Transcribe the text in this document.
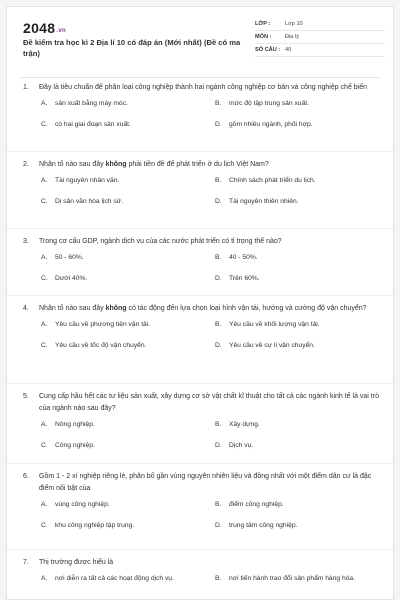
2048.vn
Đề kiểm tra học kì 2 Địa lí 10 có đáp án (Mới nhất) (Đề có ma trận)
LỚP :	Lớp 10
MÔN :	Địa lý
SỐ CÂU : 40
1. Đây là tiêu chuẩn để phân loại công nghiệp thành hai ngành công nghiệp cơ bản và công nghiệp chế biến
A. sản xuất bằng máy móc.	B. mức độ tập trung sản xuất.
C. có hai giai đoạn sản xuất.	D. gồm nhiều ngành, phối hợp.
2. Nhân tố nào sau đây không phải tiền đề để phát triển ở du lịch Việt Nam?
A. Tài nguyên nhân văn.	B. Chính sách phát triển du lịch.
C. Di sản văn hóa lịch sử.	D. Tài nguyên thiên nhiên.
3. Trong cơ cấu GDP, ngành dịch vụ của các nước phát triển có tỉ trọng thế nào?
A. 50 - 60%.	B. 40 - 50%.
C. Dưới 40%.	D. Trên 60%.
4. Nhân tố nào sau đây không có tác động đến lựa chọn loại hình vận tải, hướng và cường độ vận chuyển?
A. Yêu cầu về phương tiện vận tải.	B. Yêu cầu về khối lượng vận tải.
C. Yêu cầu về tốc độ vận chuyển.	D. Yêu cầu về cự li vận chuyển.
5. Cung cấp hầu hết các tư liệu sản xuất, xây dựng cơ sở vật chất kĩ thuật cho tất cả các ngành kinh tế là vai trò của ngành nào sau đây?
A. Nông nghiệp.	B. Xây dựng.
C. Công nghiệp.	D. Dịch vụ.
6. Gồm 1 - 2 xí nghiệp riêng lẻ, phân bố gần vùng nguyên nhiên liệu và đồng nhất với một điểm dân cư là đặc điểm nổi bật của
A. vùng công nghiệp.	B. điểm công nghiệp.
C. khu công nghiệp tập trung.	D. trung tâm công nghiệp.
7. Thị trường được hiểu là
A. nơi diễn ra tất cả các hoạt động dịch vụ.	B. nơi tiến hành trao đổi sản phẩm hàng hóa.
